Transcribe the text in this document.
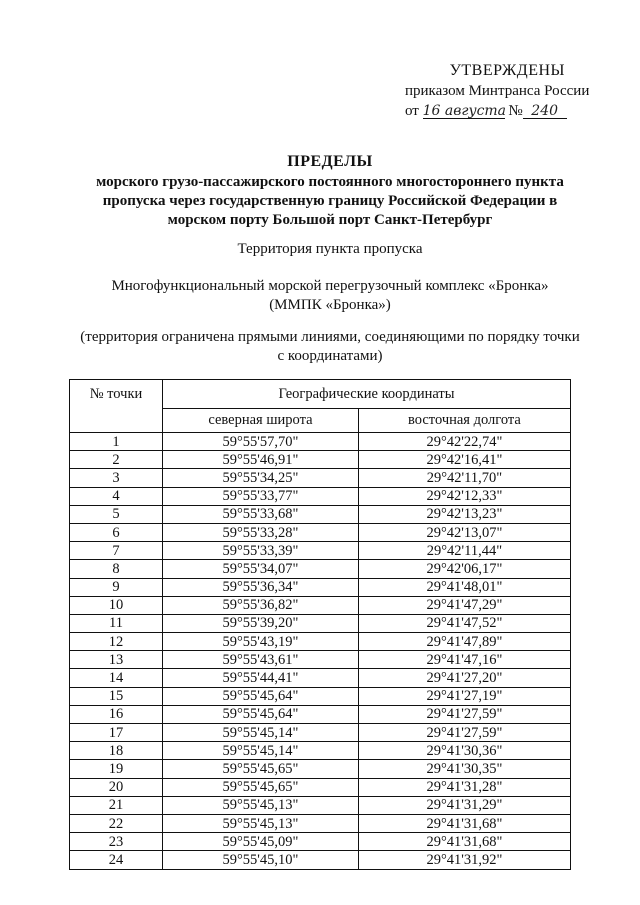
УТВЕРЖДЕНЫ
приказом Минтранса России
от 16 августа № 240
ПРЕДЕЛЫ
морского грузо-пассажирского постоянного многостороннего пункта
пропуска через государственную границу Российской Федерации в
морском порту Большой порт Санкт-Петербург
Территория пункта пропуска
Многофункциональный морской перегрузочный комплекс «Бронка»
(ММПК «Бронка»)
(территория ограничена прямыми линиями, соединяющими по порядку точки
с координатами)
№ точки	Географические координаты	
	северная широта	восточная долгота
1	59°55'57,70"	29°42'22,74"
2	59°55'46,91"	29°42'16,41"
3	59°55'34,25"	29°42'11,70"
4	59°55'33,77"	29°42'12,33"
5	59°55'33,68"	29°42'13,23"
6	59°55'33,28"	29°42'13,07"
7	59°55'33,39"	29°42'11,44"
8	59°55'34,07"	29°42'06,17"
9	59°55'36,34"	29°41'48,01"
10	59°55'36,82"	29°41'47,29"
11	59°55'39,20"	29°41'47,52"
12	59°55'43,19"	29°41'47,89"
13	59°55'43,61"	29°41'47,16"
14	59°55'44,41"	29°41'27,20"
15	59°55'45,64"	29°41'27,19"
16	59°55'45,64"	29°41'27,59"
17	59°55'45,14"	29°41'27,59"
18	59°55'45,14"	29°41'30,36"
19	59°55'45,65"	29°41'30,35"
20	59°55'45,65"	29°41'31,28"
21	59°55'45,13"	29°41'31,29"
22	59°55'45,13"	29°41'31,68"
23	59°55'45,09"	29°41'31,68"
24	59°55'45,10"	29°41'31,92"
